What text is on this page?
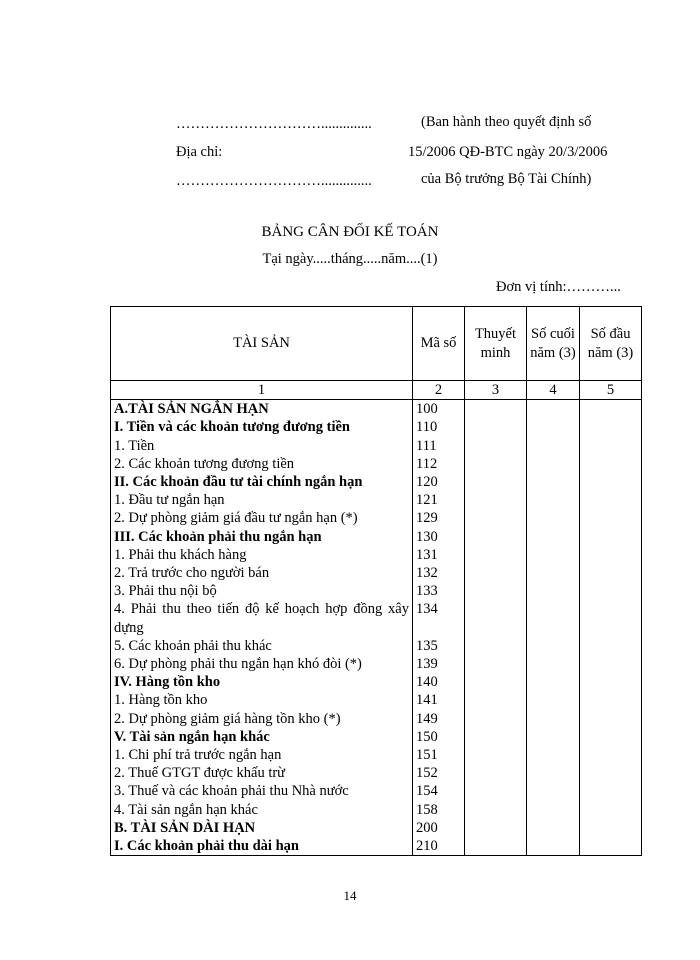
…………………………..............	(Ban hành theo quyết định số
Địa chỉ:	15/2006 QĐ-BTC ngày 20/3/2006
…………………………..............	của Bộ trưởng Bộ Tài Chính)
BẢNG CÂN ĐỐI KẾ TOÁN
Tại ngày.....tháng.....năm....(1)
Đơn vị tính:………...
TÀI SẢN	Mã số	Thuyết minh	Số cuối năm (3)	Số đầu năm (3)
1	2	3	4	5
A.TÀI SẢN NGẮN HẠN	100			
I. Tiền và các khoản tương đương tiền	110			
1. Tiền	111			
2. Các khoản tương đương tiền	112			
II. Các khoản đầu tư tài chính ngắn hạn	120			
1. Đầu tư ngắn hạn	121			
2. Dự phòng giảm giá đầu tư ngắn hạn (*)	129			
III. Các khoản phải thu ngắn hạn	130			
1. Phải thu khách hàng	131			
2. Trả trước cho người bán	132			
3. Phải thu nội bộ	133			
4. Phải thu theo tiến độ kế hoạch hợp đồng xây dựng	134			
5. Các khoản phải thu khác	135			
6. Dự phòng phải thu ngắn hạn khó đòi (*)	139			
IV. Hàng tồn kho	140			
1. Hàng tồn kho	141			
2. Dự phòng giảm giá hàng tồn kho (*)	149			
V. Tài sản ngắn hạn khác	150			
1. Chi phí trả trước ngắn hạn	151			
2. Thuế GTGT được khấu trừ	152			
3. Thuế và các khoản phải thu Nhà nước	154			
4. Tài sản ngắn hạn khác	158			
B. TÀI SẢN DÀI HẠN	200			
I. Các khoản phải thu dài hạn	210			
14
